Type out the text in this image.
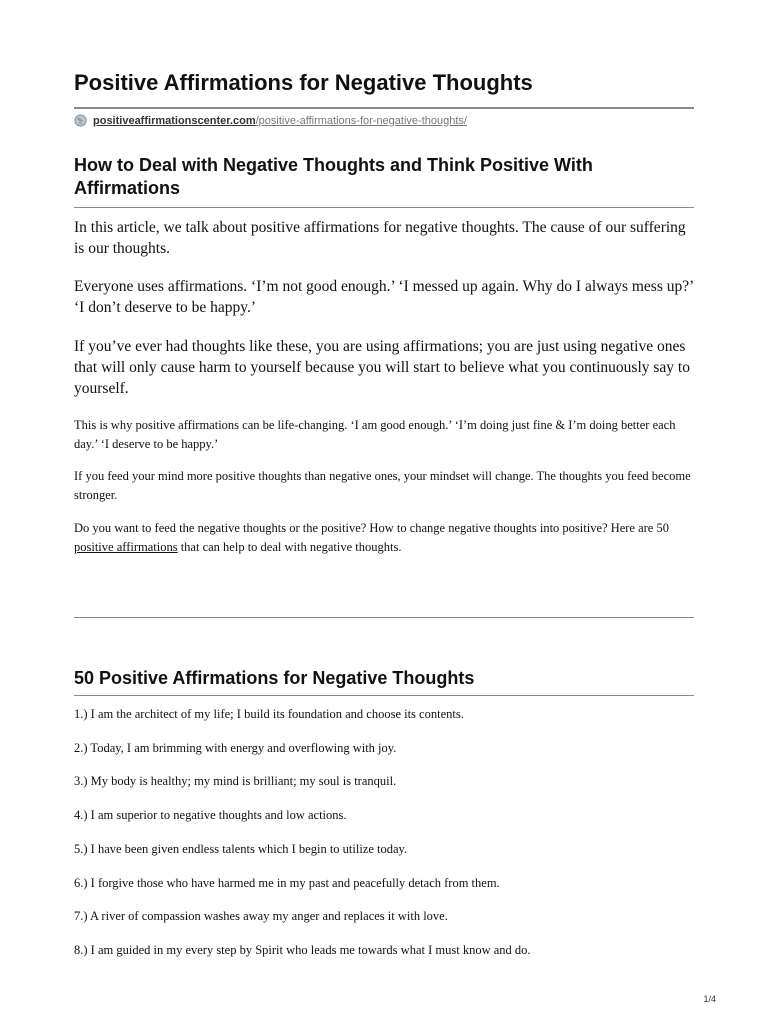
Positive Affirmations for Negative Thoughts
positiveaffirmationscenter.com /positive-affirmations-for-negative-thoughts/
How to Deal with Negative Thoughts and Think Positive With
Affirmations
In this article, we talk about positive affirmations for negative thoughts. The cause of our suffering is our thoughts.
Everyone uses affirmations. ‘I’m not good enough.’ ‘I messed up again. Why do I always mess up?’ ‘I don’t deserve to be happy.’
If you’ve ever had thoughts like these, you are using affirmations; you are just using negative ones that will only cause harm to yourself because you will start to believe what you continuously say to yourself.
This is why positive affirmations can be life-changing. ‘I am good enough.’ ‘I’m doing just fine & I’m doing better each day.’ ‘I deserve to be happy.’
If you feed your mind more positive thoughts than negative ones, your mindset will change. The thoughts you feed become stronger.
Do you want to feed the negative thoughts or the positive? How to change negative thoughts into positive? Here are 50 positive affirmations that can help to deal with negative thoughts.
50 Positive Affirmations for Negative Thoughts
1.) I am the architect of my life; I build its foundation and choose its contents.
2.) Today, I am brimming with energy and overflowing with joy.
3.) My body is healthy; my mind is brilliant; my soul is tranquil.
4.) I am superior to negative thoughts and low actions.
5.) I have been given endless talents which I begin to utilize today.
6.) I forgive those who have harmed me in my past and peacefully detach from them.
7.) A river of compassion washes away my anger and replaces it with love.
8.) I am guided in my every step by Spirit who leads me towards what I must know and do.
1/4
